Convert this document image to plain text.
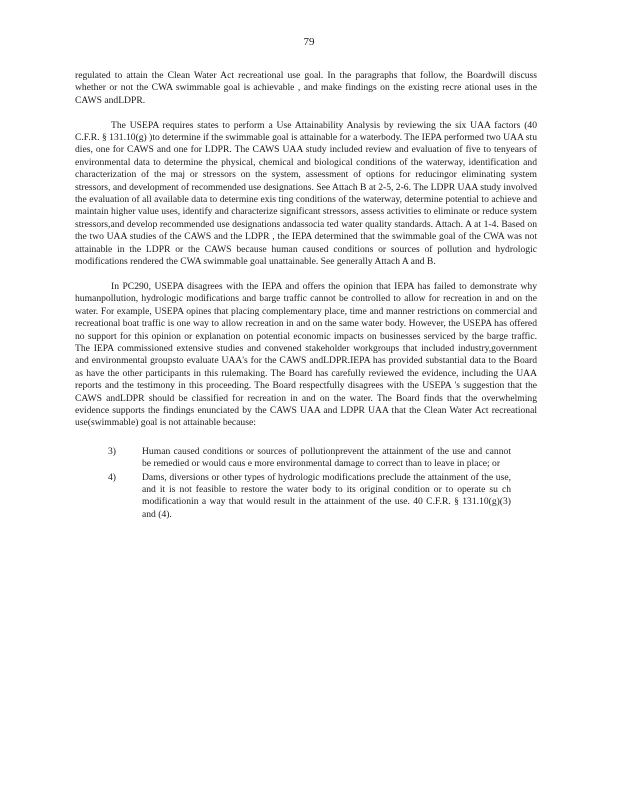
79

regulated to attain the Clean Water Act recreational use goal. In the paragraphs that follow, the Boardwill discuss whether or not the CWA swimmable goal is achievable , and make findings on the existing recre ational uses in the CAWS andLDPR.

The USEPA requires states to perform a Use Attainability Analysis by reviewing the six UAA factors (40 C.F.R. § 131.10(g) )to determine if the swimmable goal is attainable for a waterbody. The IEPA performed two UAA stu dies, one for CAWS and one for LDPR. The CAWS UAA study included review and evaluation of five to tenyears of environmental data to determine the physical, chemical and biological conditions of the waterway, identification and characterization of the maj or stressors on the system, assessment of options for reducingor eliminating system stressors, and development of recommended use designations. See Attach B at 2-5, 2-6. The LDPR UAA study involved the evaluation of all available data to determine exis ting conditions of the waterway, determine potential to achieve and maintain higher value uses, identify and characterize significant stressors, assess activities to eliminate or reduce system stressors,and develop recommended use designations andassocia ted water quality standards. Attach. A at 1-4. Based on the two UAA studies of the CAWS and the LDPR , the IEPA determined that the swimmable goal of the CWA was not attainable in the LDPR or the CAWS because human caused conditions or sources of pollution and hydrologic modifications rendered the CWA swimmable goal unattainable. See generally Attach A and B.

In PC290, USEPA disagrees with the IEPA and offers the opinion that IEPA has failed to demonstrate why humanpollution, hydrologic modifications and barge traffic cannot be controlled to allow for recreation in and on the water. For example, USEPA opines that placing complementary place, time and manner restrictions on commercial and recreational boat traffic is one way to allow recreation in and on the same water body. However, the USEPA has offered no support for this opinion or explanation on potential economic impacts on businesses serviced by the barge traffic. The IEPA commissioned extensive studies and convened stakeholder workgroups that included industry,government and environmental groupsto evaluate UAA's for the CAWS andLDPR.IEPA has provided substantial data to the Board as have the other participants in this rulemaking. The Board has carefully reviewed the evidence, including the UAA reports and the testimony in this proceeding. The Board respectfully disagrees with the USEPA 's suggestion that the CAWS andLDPR should be classified for recreation in and on the water. The Board finds that the overwhelming evidence supports the findings enunciated by the CAWS UAA and LDPR UAA that the Clean Water Act recreational use(swimmable) goal is not attainable because:

3)	Human caused conditions or sources of pollutionprevent the attainment of the use and cannot be remedied or would caus e more environmental damage to correct than to leave in place; or
4)	Dams, diversions or other types of hydrologic modifications preclude the attainment of the use, and it is not feasible to restore the water body to its original condition or to operate su ch modificationin a way that would result in the attainment of the use. 40 C.F.R. § 131.10(g)(3) and (4).
